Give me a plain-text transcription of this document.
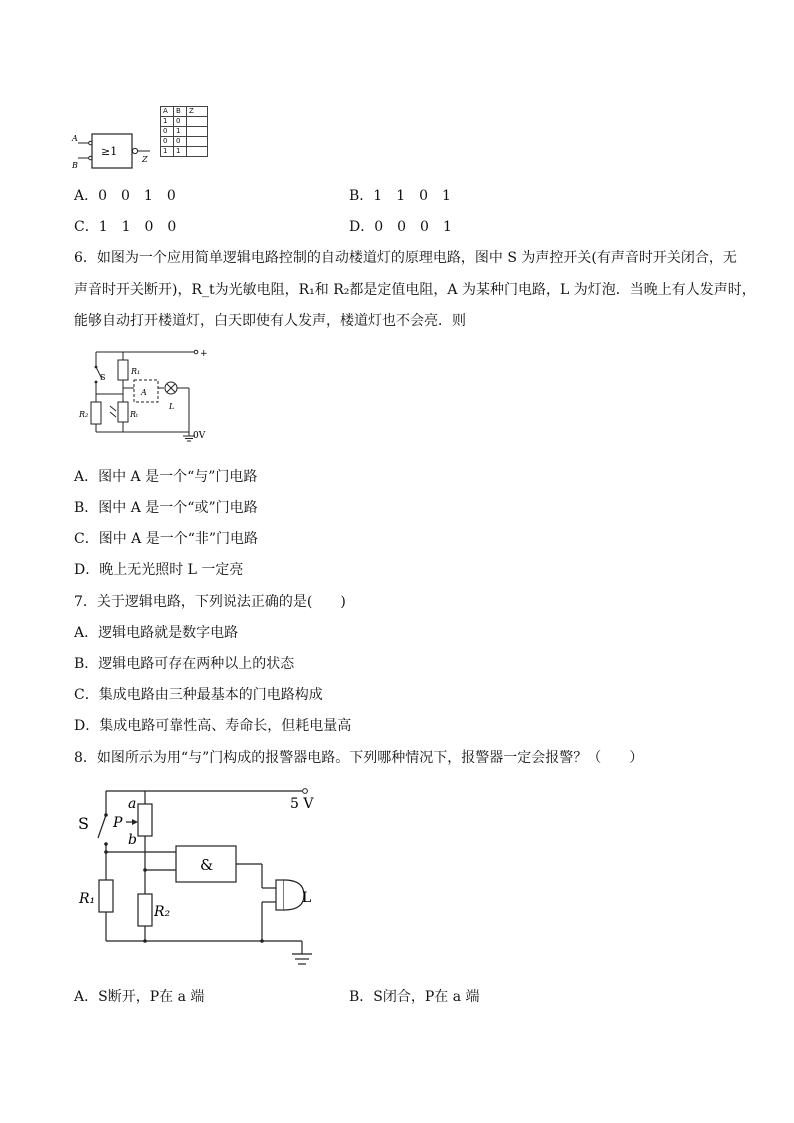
≥1
A
B
Z
A	B	Z
1	0	
0	1	
0	0	
1	1	
A．0　0　1　0	B．1　1　0　1
C．1　1　0　0	D．0　0　0　1
6．如图为一个应用简单逻辑电路控制的自动楼道灯的原理电路，图中 S 为声控开关(有声音时开关闭合，无
声音时开关断开)，R_t为光敏电阻，R₁和 R₂都是定值电阻，A 为某种门电路，L 为灯泡．当晚上有人发声时，
能够自动打开楼道灯，白天即使有人发声，楼道灯也不会亮．则
+
S
R₂
R₁
Rₜ
A
L
0V
A．图中 A 是一个“与”门电路
B．图中 A 是一个“或”门电路
C．图中 A 是一个“非”门电路
D．晚上无光照时 L 一定亮
7．关于逻辑电路，下列说法正确的是(　　)
A．逻辑电路就是数字电路
B．逻辑电路可存在两种以上的状态
C．集成电路由三种最基本的门电路构成
D．集成电路可靠性高、寿命长，但耗电量高
8．如图所示为用“与”门构成的报警器电路。下列哪种情况下，报警器一定会报警？（　　）
5 V
S
R₁
a
P
b
R₂
&
L
A．S断开，P在 a 端	B．S闭合，P在 a 端
